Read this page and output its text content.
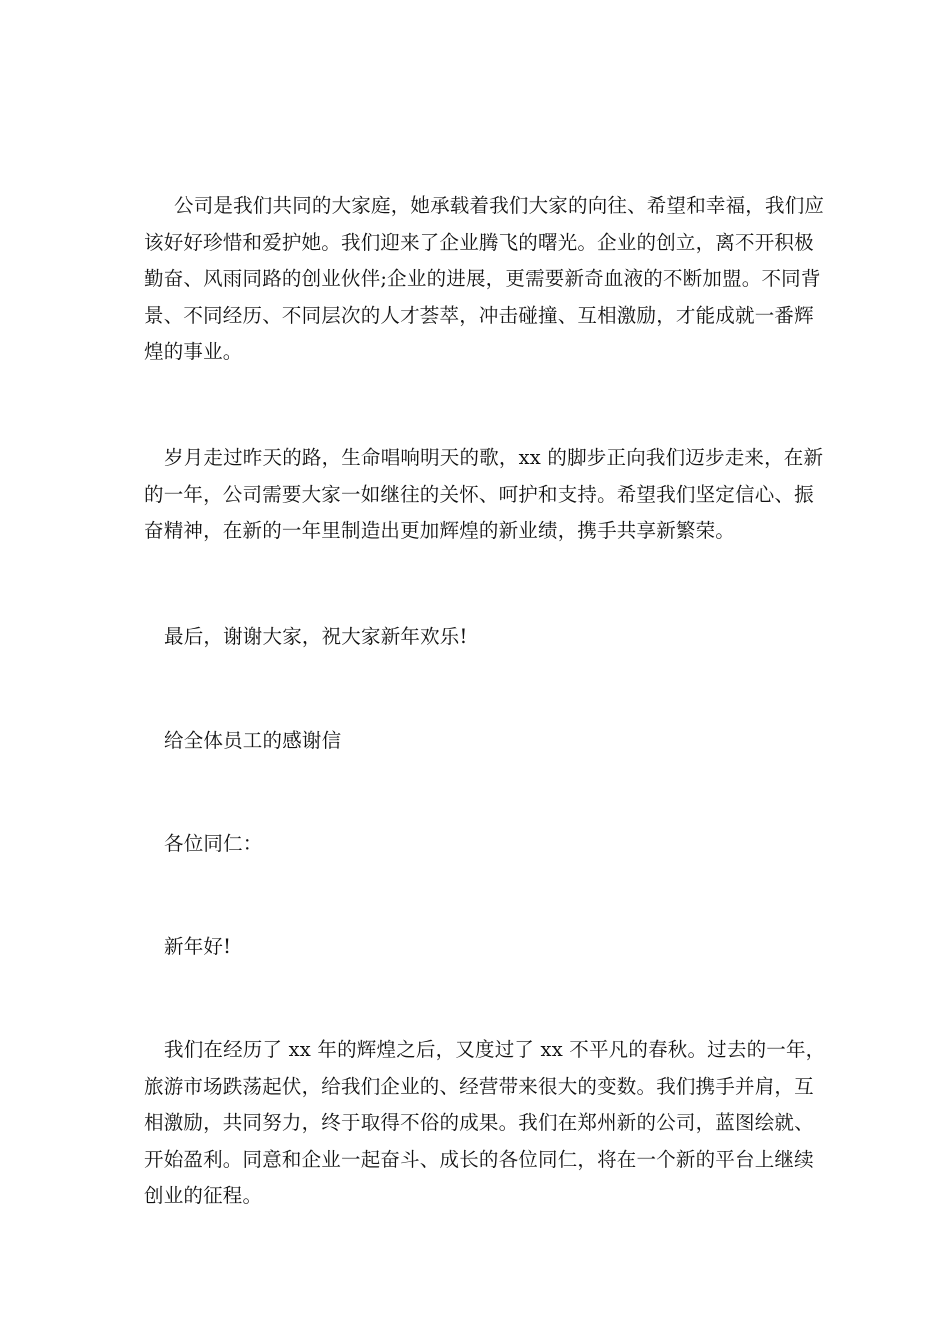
公司是我们共同的大家庭，她承载着我们大家的向往、希望和幸福，我们应
该好好珍惜和爱护她。我们迎来了企业腾飞的曙光。企业的创立，离不开积极
勤奋、风雨同路的创业伙伴;企业的进展，更需要新奇血液的不断加盟。不同背
景、不同经历、不同层次的人才荟萃，冲击碰撞、互相激励，才能成就一番辉
煌的事业。
岁月走过昨天的路，生命唱响明天的歌，xx 的脚步正向我们迈步走来，在新
的一年，公司需要大家一如继往的关怀、呵护和支持。希望我们坚定信心、振
奋精神，在新的一年里制造出更加辉煌的新业绩，携手共享新繁荣。
最后，谢谢大家，祝大家新年欢乐!
给全体员工的感谢信
各位同仁：
新年好!
我们在经历了 xx 年的辉煌之后，又度过了 xx 不平凡的春秋。过去的一年，
旅游市场跌荡起伏，给我们企业的、经营带来很大的变数。我们携手并肩，互
相激励，共同努力，终于取得不俗的成果。我们在郑州新的公司，蓝图绘就、
开始盈利。同意和企业一起奋斗、成长的各位同仁，将在一个新的平台上继续
创业的征程。
